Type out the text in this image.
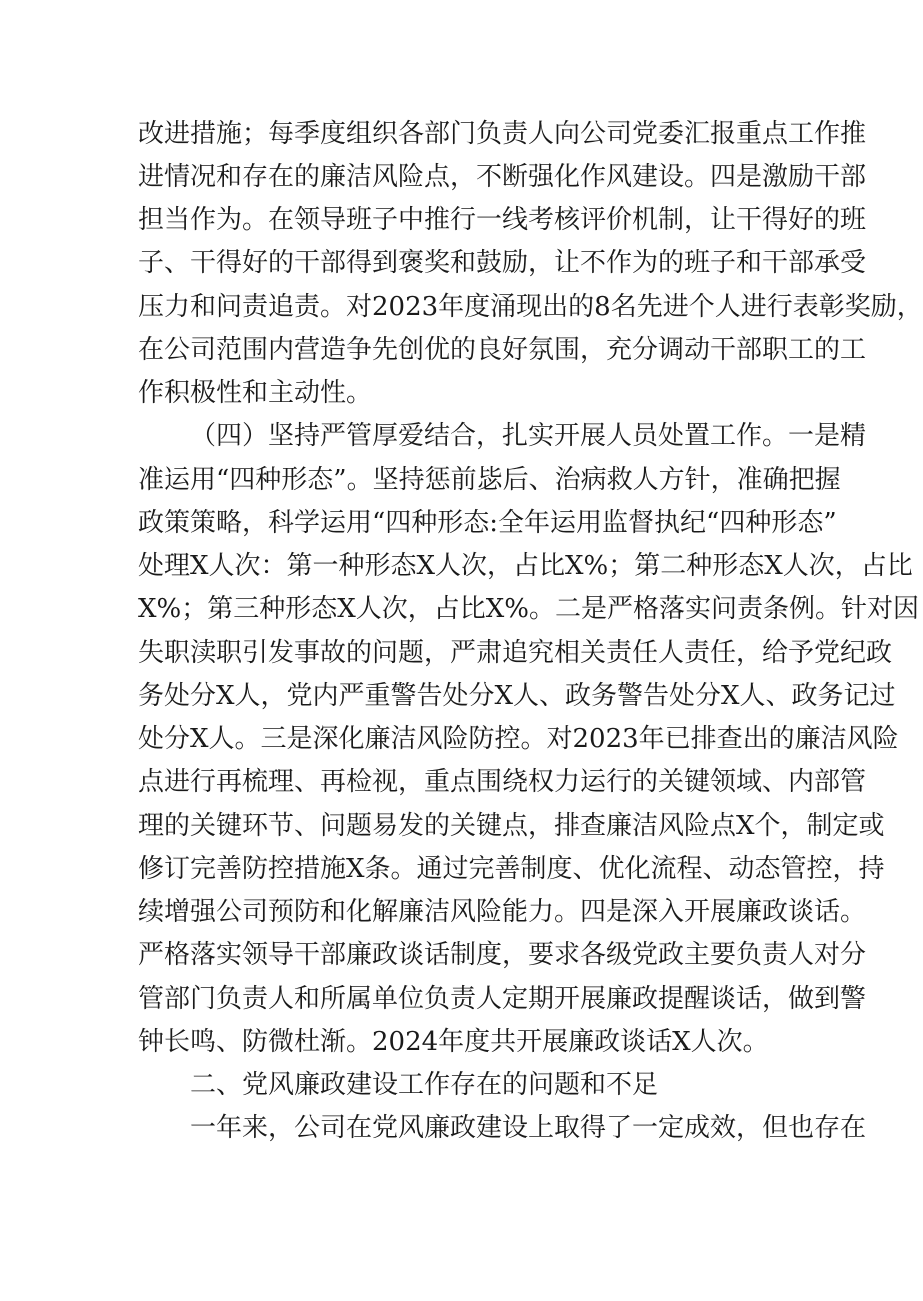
改进措施；每季度组织各部门负责人向公司党委汇报重点工作推
进情况和存在的廉洁风险点，不断强化作风建设。四是激励干部
担当作为。在领导班子中推行一线考核评价机制，让干得好的班
子、干得好的干部得到褒奖和鼓励，让不作为的班子和干部承受
压力和问责追责。对2023年度涌现出的8名先进个人进行表彰奖励，
在公司范围内营造争先创优的良好氛围，充分调动干部职工的工
作积极性和主动性。
（四）坚持严管厚爱结合，扎实开展人员处置工作。一是精
准运用“四种形态”。坚持惩前毖后、治病救人方针，准确把握
政策策略，科学运用“四种形态:全年运用监督执纪“四种形态”
处理X人次：第一种形态X人次，占比X%；第二种形态X人次，占比
X%；第三种形态X人次，占比X%。二是严格落实问责条例。针对因
失职渎职引发事故的问题，严肃追究相关责任人责任，给予党纪政
务处分X人，党内严重警告处分X人、政务警告处分X人、政务记过
处分X人。三是深化廉洁风险防控。对2023年已排查出的廉洁风险
点进行再梳理、再检视，重点围绕权力运行的关键领域、内部管
理的关键环节、问题易发的关键点，排查廉洁风险点X个，制定或
修订完善防控措施X条。通过完善制度、优化流程、动态管控，持
续增强公司预防和化解廉洁风险能力。四是深入开展廉政谈话。
严格落实领导干部廉政谈话制度，要求各级党政主要负责人对分
管部门负责人和所属单位负责人定期开展廉政提醒谈话，做到警
钟长鸣、防微杜渐。2024年度共开展廉政谈话X人次。
二、党风廉政建设工作存在的问题和不足
一年来，公司在党风廉政建设上取得了一定成效，但也存在
